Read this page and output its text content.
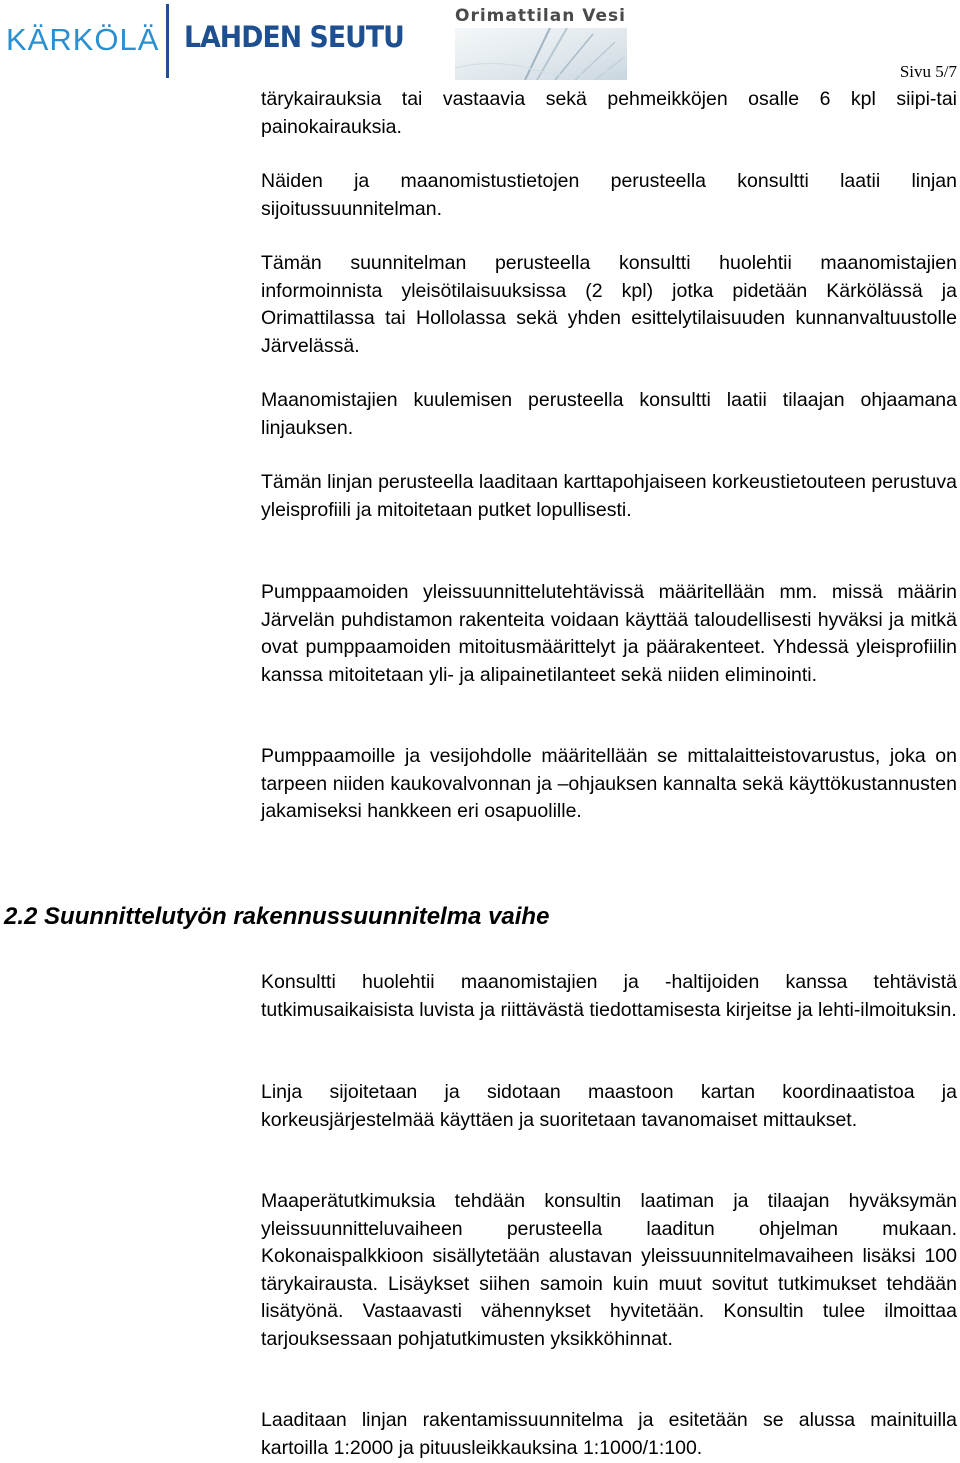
KÄRKÖLÄ LAHDEN SEUTU
Orimattilan Vesi
Sivu 5/7

tärykairauksia tai vastaavia sekä pehmeikköjen osalle 6 kpl siipi-tai painokairauksia.

Näiden ja maanomistustietojen perusteella konsultti laatii linjan sijoitussuunnitelman.

Tämän suunnitelman perusteella konsultti huolehtii maanomistajien informoinnista yleisötilaisuuksissa (2 kpl) jotka pidetään Kärkölässä ja Orimattilassa tai Hollolassa sekä yhden esittelytilaisuuden kunnanvaltuustolle Järvelässä.

Maanomistajien kuulemisen perusteella konsultti laatii tilaajan ohjaamana linjauksen.

Tämän linjan perusteella laaditaan karttapohjaiseen korkeustietouteen perustuva yleisprofiili ja mitoitetaan putket lopullisesti.

Pumppaamoiden yleissuunnittelutehtävissä määritellään mm. missä määrin Järvelän puhdistamon rakenteita voidaan käyttää taloudellisesti hyväksi ja mitkä ovat pumppaamoiden mitoitusmäärittelyt ja päärakenteet. Yhdessä yleisprofiilin kanssa mitoitetaan yli- ja alipainetilanteet sekä niiden eliminointi.

Pumppaamoille ja vesijohdolle määritellään se mittalaitteistovarustus, joka on tarpeen niiden kaukovalvonnan ja –ohjauksen kannalta sekä käyttökustannusten jakamiseksi hankkeen eri osapuolille.

2.2 Suunnittelutyön rakennussuunnitelma vaihe

Konsultti huolehtii maanomistajien ja -haltijoiden kanssa tehtävistä tutkimusaikaisista luvista ja riittävästä tiedottamisesta kirjeitse ja lehti-ilmoituksin.

Linja sijoitetaan ja sidotaan maastoon kartan koordinaatistoa ja korkeusjärjestelmää käyttäen ja suoritetaan tavanomaiset mittaukset.

Maaperätutkimuksia tehdään konsultin laatiman ja tilaajan hyväksymän yleissuunnitteluvaiheen perusteella laaditun ohjelman mukaan. Kokonaispalkkioon sisällytetään alustavan yleissuunnitelmavaiheen lisäksi 100 tärykairausta. Lisäykset siihen samoin kuin muut sovitut tutkimukset tehdään lisätyönä. Vastaavasti vähennykset hyvitetään. Konsultin tulee ilmoittaa tarjouksessaan pohjatutkimusten yksikköhinnat.

Laaditaan linjan rakentamissuunnitelma ja esitetään se alussa mainituilla kartoilla 1:2000 ja pituusleikkauksina 1:1000/1:100.
